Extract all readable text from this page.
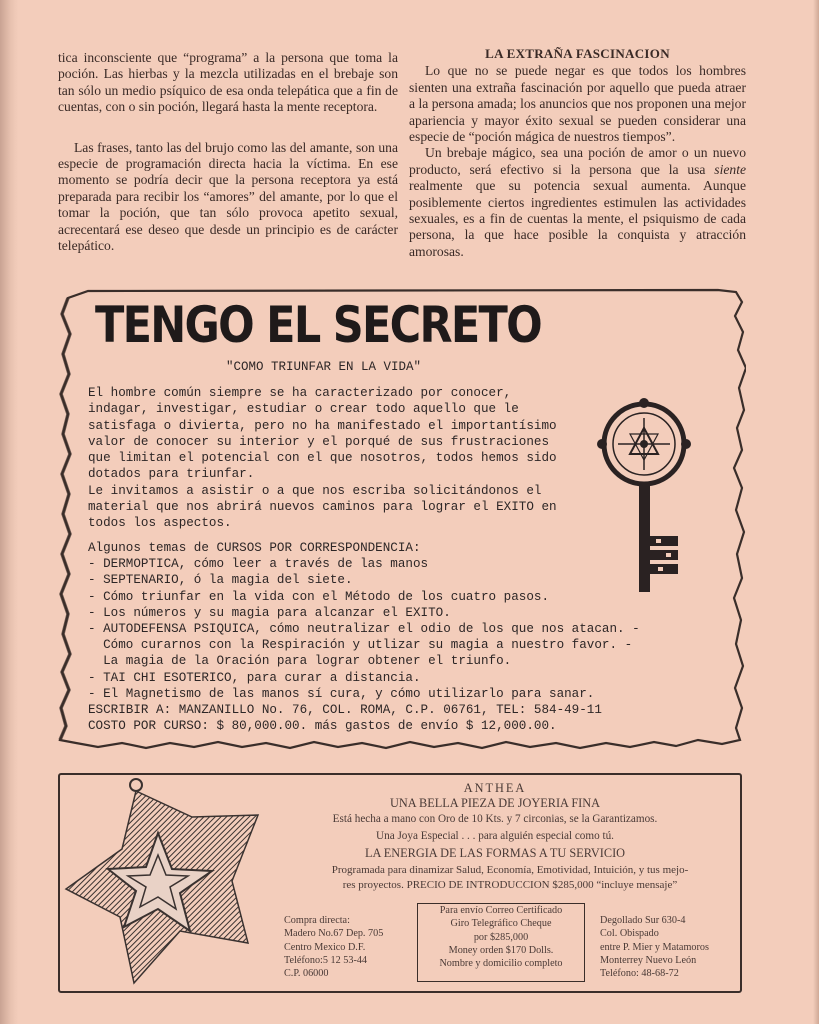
tica inconsciente que “programa” a la persona que toma la poción. Las hierbas y la mezcla utilizadas en el brebaje son tan sólo un medio psíquico de esa onda telepática que a fin de cuentas, con o sin poción, llegará hasta la mente receptora.

Las frases, tanto las del brujo como las del amante, son una especie de programación directa hacia la víctima. En ese momento se podría decir que la persona receptora ya está preparada para recibir los “amores” del amante, por lo que el tomar la poción, que tan sólo provoca apetito sexual, acrecentará ese deseo que desde un principio es de carácter telepático.

LA EXTRAÑA FASCINACION

Lo que no se puede negar es que todos los hombres sienten una extraña fascinación por aquello que pueda atraer a la persona amada; los anuncios que nos proponen una mejor apariencia y mayor éxito sexual se pueden considerar una especie de “poción mágica de nuestros tiempos”.

Un brebaje mágico, sea una poción de amor o un nuevo producto, será efectivo si la persona que la usa siente realmente que su potencia sexual aumenta. Aunque posiblemente ciertos ingredientes estimulen las actividades sexuales, es a fin de cuentas la mente, el psiquismo de cada persona, la que hace posible la conquista y atracción amorosas.

TENGO EL SECRETO
"COMO TRIUNFAR EN LA VIDA"
El hombre común siempre se ha caracterizado por conocer, indagar, investigar, estudiar o crear todo aquello que le satisfaga o divierta, pero no ha manifestado el importantísimo valor de conocer su interior y el porqué de sus frustraciones que limitan el potencial con el que nosotros, todos hemos sido dotados para triunfar.
Le invitamos a asistir o a que nos escriba solicitándonos el material que nos abrirá nuevos caminos para lograr el EXITO en todos los aspectos.
Algunos temas de CURSOS POR CORRESPONDENCIA:
- DERMOPTICA, cómo leer a través de las manos
- SEPTENARIO, ó la magia del siete.
- Cómo triunfar en la vida con el Método de los cuatro pasos.
- Los números y su magia para alcanzar el EXITO.
- AUTODEFENSA PSIQUICA, cómo neutralizar el odio de los que nos atacan. -
Cómo curarnos con la Respiración y utlizar su magia a nuestro favor. -
La magia de la Oración para lograr obtener el triunfo.
- TAI CHI ESOTERICO, para curar a distancia.
- El Magnetismo de las manos sí cura, y cómo utilizarlo para sanar.
ESCRIBIR A: MANZANILLO No. 76, COL. ROMA, C.P. 06761, TEL: 584-49-11
COSTO POR CURSO: $ 80,000.00. más gastos de envío $ 12,000.00.
ANTHEA
UNA BELLA PIEZA DE JOYERIA FINA
Está hecha a mano con Oro de 10 Kts. y 7 circonias, se la Garantizamos.
Una Joya Especial . . . para alguién especial como tú.
LA ENERGIA DE LAS FORMAS A TU SERVICIO
Programada para dinamizar Salud, Economía, Emotividad, Intuición, y tus mejo-
res proyectos. PRECIO DE INTRODUCCION $285,000 “incluye mensaje”
Compra directa:
Madero No.67 Dep. 705
Centro Mexico D.F.
Teléfono:5 12 53-44
C.P. 06000
Para envío Correo Certificado
Giro Telegráfico Cheque
por $285,000
Money orden $170 Dolls.
Nombre y domicilio completo
Degollado Sur 630-4
Col. Obispado
entre P. Mier y Matamoros
Monterrey Nuevo León
Teléfono: 48-68-72
